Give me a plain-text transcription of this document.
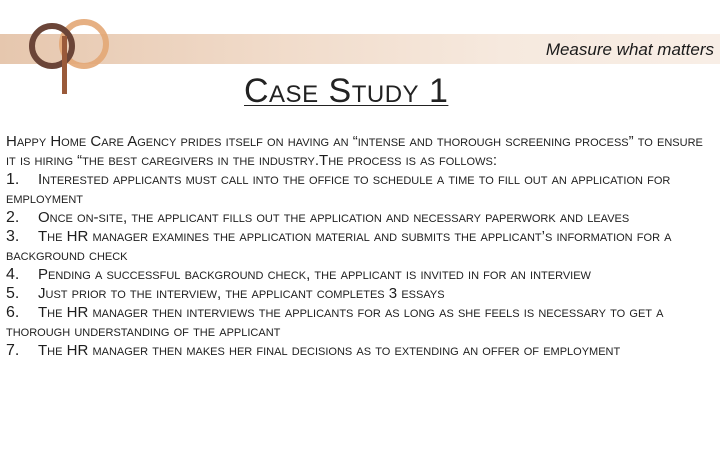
Measure what matters
Case Study 1

Happy Home Care Agency prides itself on having an “intense and thorough screening process” to ensure it is hiring “the best caregivers in the industry.The process is as follows:

1. Interested applicants must call into the office to schedule a time to fill out an application for employment

2. Once on-site, the applicant fills out the application and necessary paperwork and leaves

3. The HR manager examines the application material and submits the applicant’s information for a background check

4. Pending a successful background check, the applicant is invited in for an interview

5. Just prior to the interview, the applicant completes 3 essays

6. The HR manager then interviews the applicants for as long as she feels is necessary to get a thorough understanding of the applicant

7. The HR manager then makes her final decisions as to extending an offer of employment
